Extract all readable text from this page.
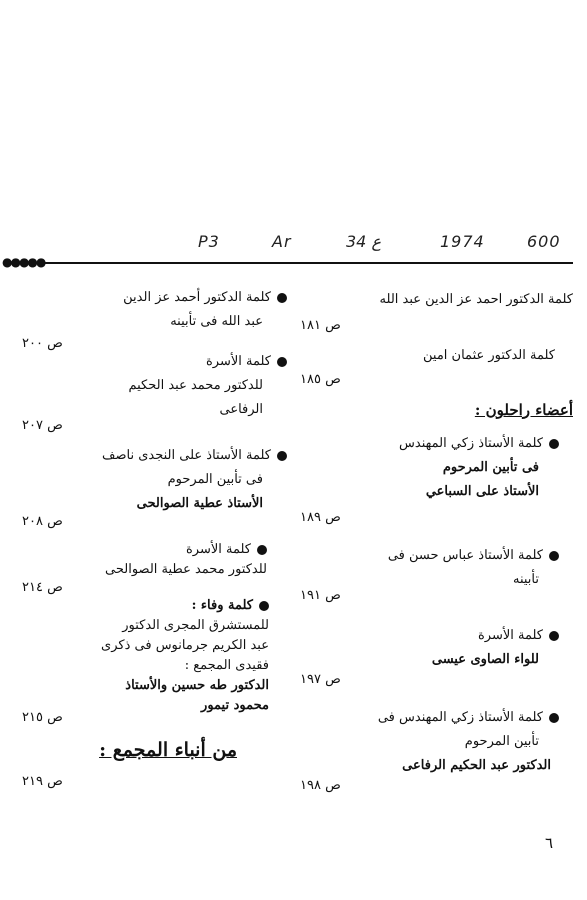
P3	Ar	34 ع	1974	600
●●●●●
كلمة الدكتور احمد عز الدين عبد الله
ص ١٨١
كلمة الدكتور عثمان امين
ص ١٨٥
أعضاء راحلون :
كلمة الأستاذ زكي المهندس
فى تأبين المرحوم
الأستاذ على السباعي
ص ١٨٩
كلمة الأستاذ عباس حسن فى
تأبينه
ص ١٩١
كلمة الأسرة
للواء الصاوى عيسى
ص ١٩٧
كلمة الأستاذ زكي المهندس فى
تأبين المرحوم
الدكتور عبد الحكيم الرفاعى
ص ١٩٨
كلمة الدكتور أحمد عز الدين
عبد الله فى تأبينه
ص ٢٠٠
كلمة الأسرة
للدكتور محمد عبد الحكيم
الرفاعى
ص ٢٠٧
كلمة الأستاذ على النجدى ناصف
فى تأبين المرحوم
الأستاذ عطية الصوالحى
ص ٢٠٨
كلمة الأسرة
للدكتور محمد عطية الصوالحى
ص ٢١٤
كلمة وفاء :
للمستشرق المجرى الدكتور
عبد الكريم جرمانوس فى ذكرى
فقيدى المجمع :
الدكتور طه حسين والأستاذ
محمود تيمور
ص ٢١٥
من أنباء المجمع :
ص ٢١٩
٦
